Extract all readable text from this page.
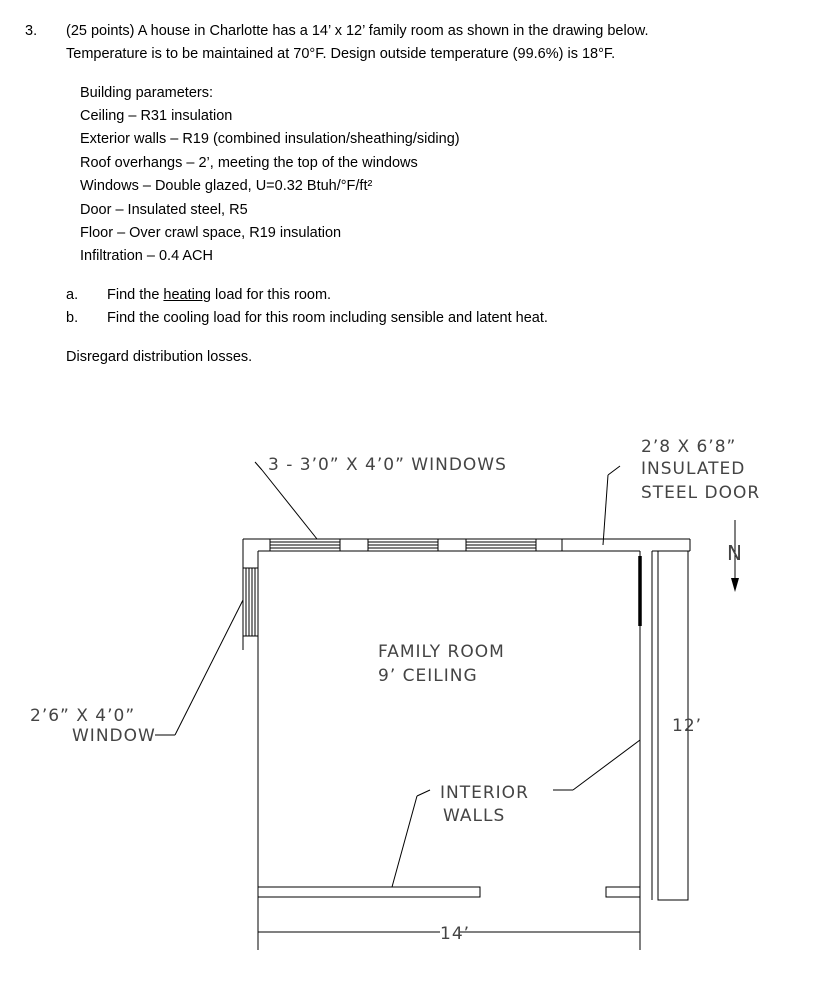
3. (25 points) A house in Charlotte has a 14’ x 12’ family room as shown in the drawing below.
Temperature is to be maintained at 70°F. Design outside temperature (99.6%) is 18°F.
Building parameters:
Ceiling – R31 insulation
Exterior walls – R19 (combined insulation/sheathing/siding)
Roof overhangs – 2’, meeting the top of the windows
Windows – Double glazed, U=0.32 Btuh/°F/ft²
Door – Insulated steel, R5
Floor – Over crawl space, R19 insulation
Infiltration – 0.4 ACH
a. Find the heating load for this room.
b. Find the cooling load for this room including sensible and latent heat.
Disregard distribution losses.
3 - 3’0” X 4’0” WINDOWS
2’8 X 6’8”
INSULATED
STEEL DOOR
FAMILY ROOM
9’ CEILING
2’6” X 4’0”
WINDOW	12’
INTERIOR
WALLS
14’
N
